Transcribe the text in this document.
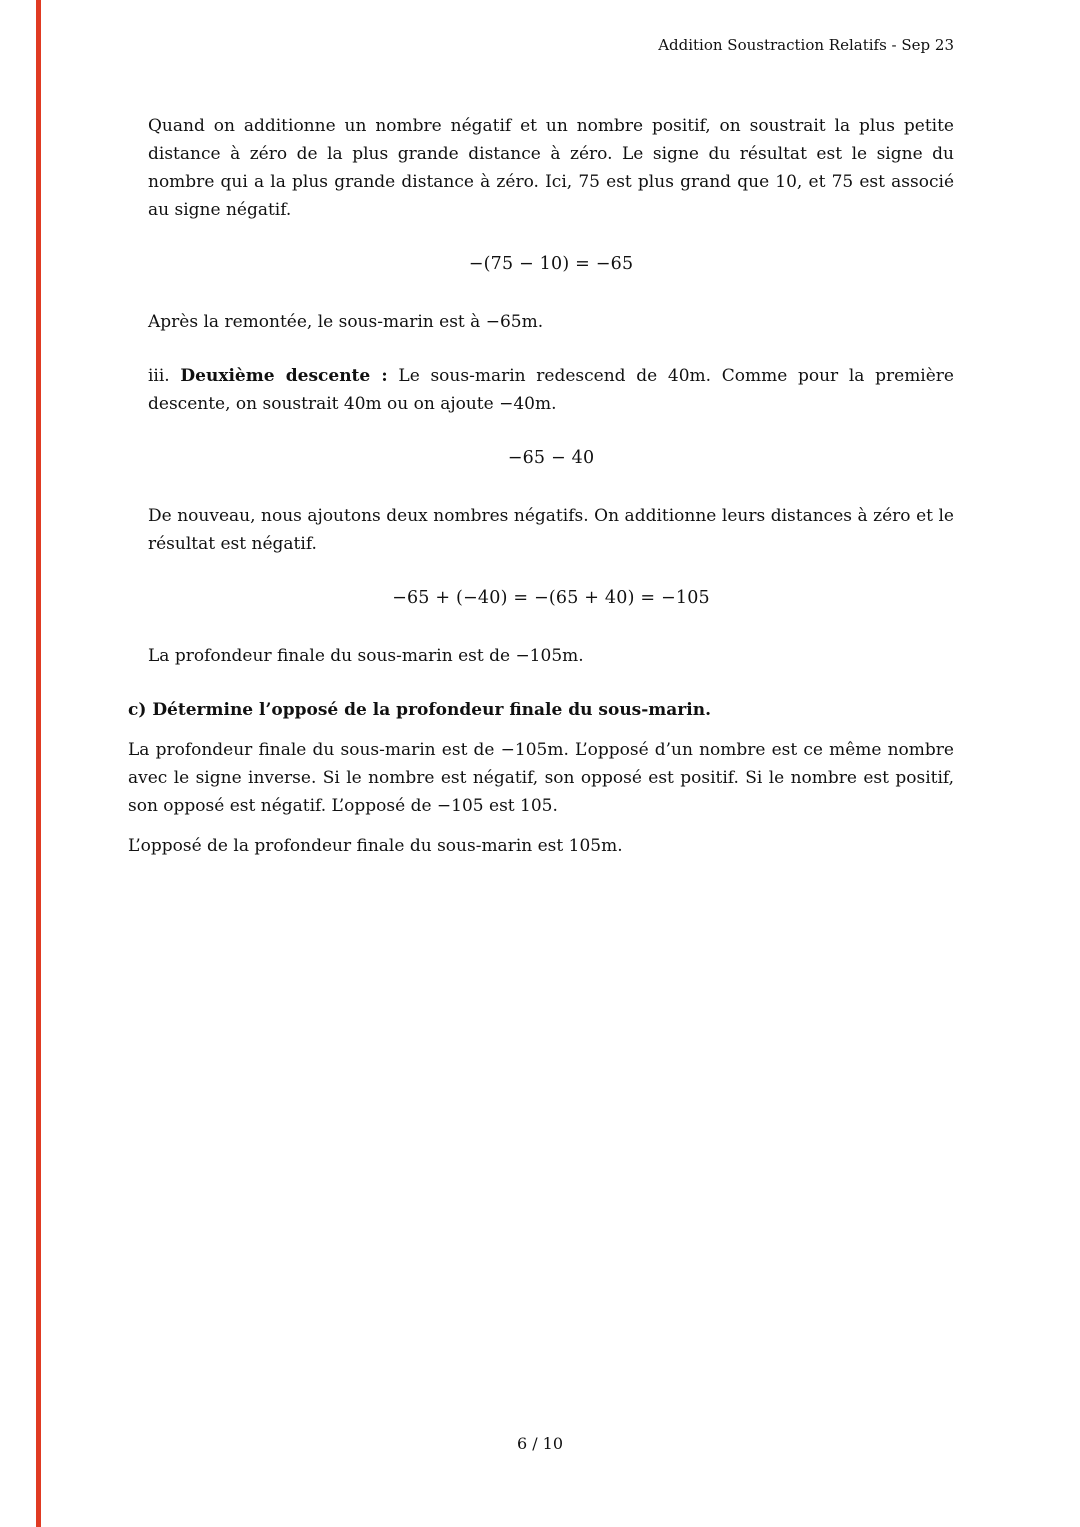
Addition Soustraction Relatifs - Sep 23

Quand on additionne un nombre négatif et un nombre positif, on soustrait la plus petite distance à zéro de la plus grande distance à zéro. Le signe du résultat est le signe du nombre qui a la plus grande distance à zéro. Ici, 75 est plus grand que 10, et 75 est associé au signe négatif.

−(75 − 10) = −65

Après la remontée, le sous-marin est à −65m.

iii. Deuxième descente : Le sous-marin redescend de 40m. Comme pour la première descente, on soustrait 40m ou on ajoute −40m.

−65 − 40

De nouveau, nous ajoutons deux nombres négatifs. On additionne leurs distances à zéro et le résultat est négatif.

−65 + (−40) = −(65 + 40) = −105

La profondeur finale du sous-marin est de −105m.

c) Détermine l’opposé de la profondeur finale du sous-marin.

La profondeur finale du sous-marin est de −105m. L’opposé d’un nombre est ce même nombre avec le signe inverse. Si le nombre est négatif, son opposé est positif. Si le nombre est positif, son opposé est négatif. L’opposé de −105 est 105.

L’opposé de la profondeur finale du sous-marin est 105m.

6 / 10
